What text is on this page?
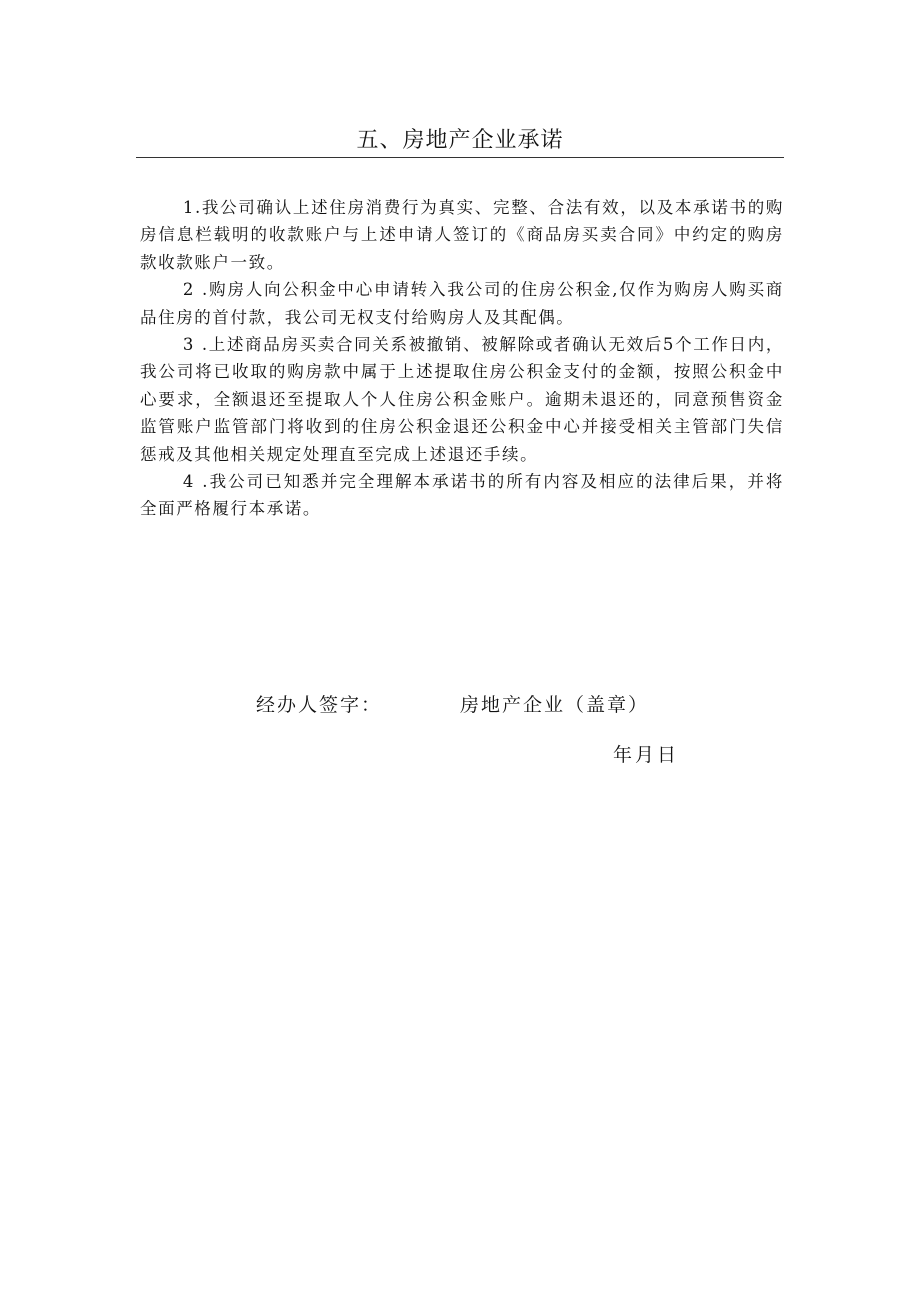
五、房地产企业承诺

1.我公司确认上述住房消费行为真实、完整、合法有效，以及本承诺书的购房信息栏载明的收款账户与上述申请人签订的《商品房买卖合同》中约定的购房款收款账户一致。

2 .购房人向公积金中心申请转入我公司的住房公积金,仅作为购房人购买商品住房的首付款，我公司无权支付给购房人及其配偶。

3 .上述商品房买卖合同关系被撤销、被解除或者确认无效后5个工作日内，我公司将已收取的购房款中属于上述提取住房公积金支付的金额，按照公积金中心要求，全额退还至提取人个人住房公积金账户。逾期未退还的，同意预售资金监管账户监管部门将收到的住房公积金退还公积金中心并接受相关主管部门失信惩戒及其他相关规定处理直至完成上述退还手续。

4 .我公司已知悉并完全理解本承诺书的所有内容及相应的法律后果，并将全面严格履行本承诺。

经办人签字：	房地产企业（盖章）
年月日
